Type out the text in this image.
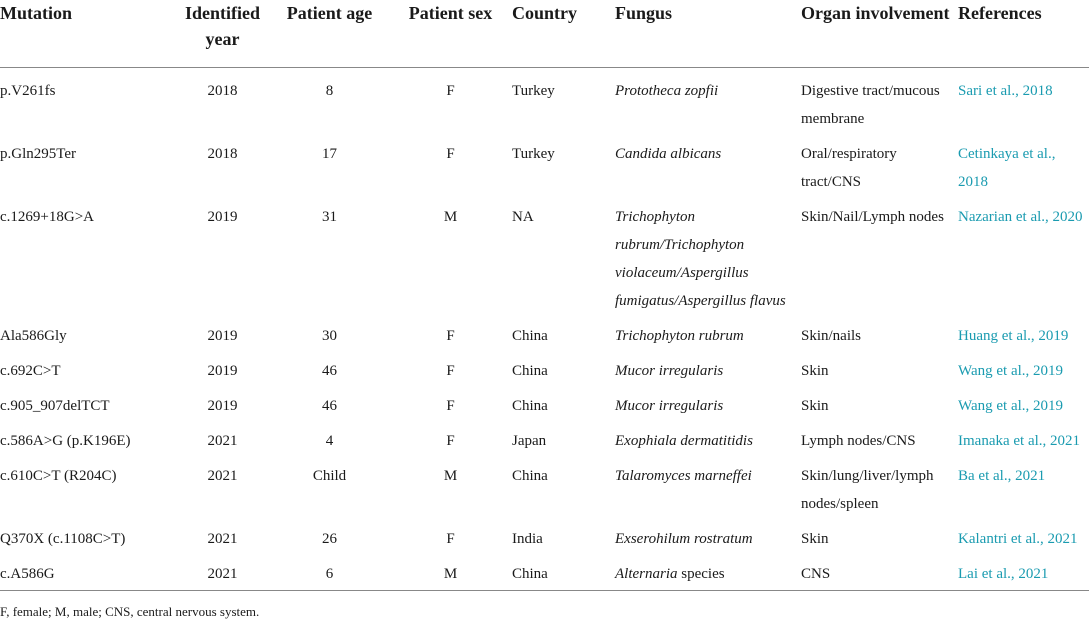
Mutation	Identified year	Patient age	Patient sex	Country	Fungus	Organ involvement	References

p.V261fs	2018	8	F	Turkey	Prototheca zopfii	Digestive tract/mucous membrane	Sari et al., 2018

p.Gln295Ter	2018	17	F	Turkey	Candida albicans	Oral/respiratory tract/CNS	Cetinkaya et al., 2018

c.1269+18G>A	2019	31	M	NA	Trichophyton rubrum/Trichophyton violaceum/Aspergillus fumigatus/Aspergillus flavus	Skin/Nail/Lymph nodes	Nazarian et al., 2020

Ala586Gly	2019	30	F	China	Trichophyton rubrum	Skin/nails	Huang et al., 2019

c.692C>T	2019	46	F	China	Mucor irregularis	Skin	Wang et al., 2019

c.905_907delTCT	2019	46	F	China	Mucor irregularis	Skin	Wang et al., 2019

c.586A>G (p.K196E)	2021	4	F	Japan	Exophiala dermatitidis	Lymph nodes/CNS	Imanaka et al., 2021

c.610C>T (R204C)	2021	Child	M	China	Talaromyces marneffei	Skin/lung/liver/lymph nodes/spleen	Ba et al., 2021

Q370X (c.1108C>T)	2021	26	F	India	Exserohilum rostratum	Skin	Kalantri et al., 2021

c.A586G	2021	6	M	China	Alternaria species	CNS	Lai et al., 2021
F, female; M, male; CNS, central nervous system.
